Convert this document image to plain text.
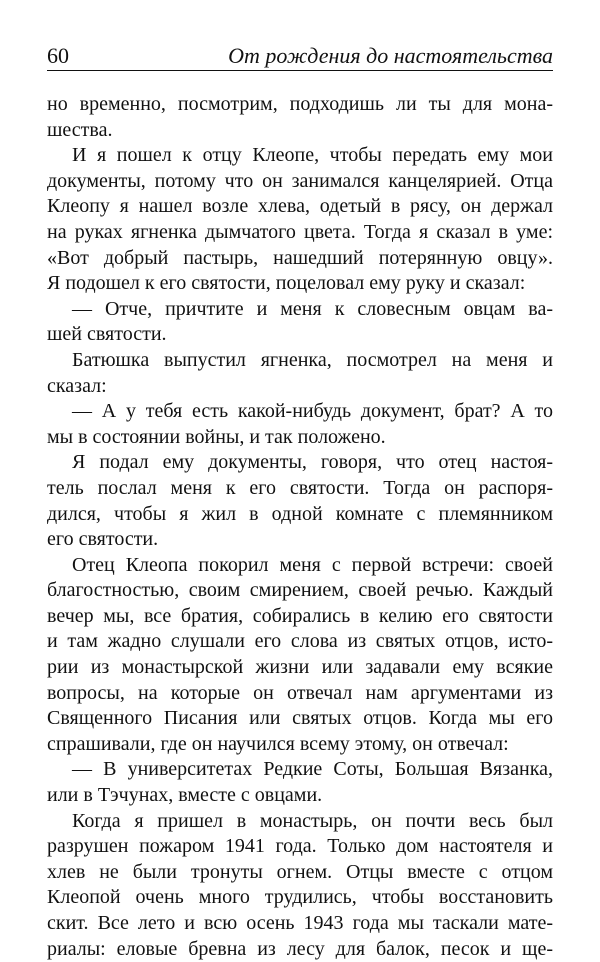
60	От рождения до настоятельства
но временно, посмотрим, подходишь ли ты для мона-
шества.
И я пошел к отцу Клеопе, чтобы передать ему мои
документы, потому что он занимался канцелярией. Отца
Клеопу я нашел возле хлева, одетый в рясу, он держал
на руках ягненка дымчатого цвета. Тогда я сказал в уме:
«Вот добрый пастырь, нашедший потерянную овцу».
Я подошел к его святости, поцеловал ему руку и сказал:
— Отче, причтите и меня к словесным овцам ва-
шей святости.
Батюшка выпустил ягненка, посмотрел на меня и
сказал:
— А у тебя есть какой-нибудь документ, брат? А то
мы в состоянии войны, и так положено.
Я подал ему документы, говоря, что отец настоя-
тель послал меня к его святости. Тогда он распоря-
дился, чтобы я жил в одной комнате с племянником
его святости.
Отец Клеопа покорил меня с первой встречи: своей
благостностью, своим смирением, своей речью. Каждый
вечер мы, все братия, собирались в келию его святости
и там жадно слушали его слова из святых отцов, исто-
рии из монастырской жизни или задавали ему всякие
вопросы, на которые он отвечал нам аргументами из
Священного Писания или святых отцов. Когда мы его
спрашивали, где он научился всему этому, он отвечал:
— В университетах Редкие Соты, Большая Вязанка,
или в Тэчунах, вместе с овцами.
Когда я пришел в монастырь, он почти весь был
разрушен пожаром 1941 года. Только дом настоятеля и
хлев не были тронуты огнем. Отцы вместе с отцом
Клеопой очень много трудились, чтобы восстановить
скит. Все лето и всю осень 1943 года мы таскали мате-
риалы: еловые бревна из лесу для балок, песок и ще-
